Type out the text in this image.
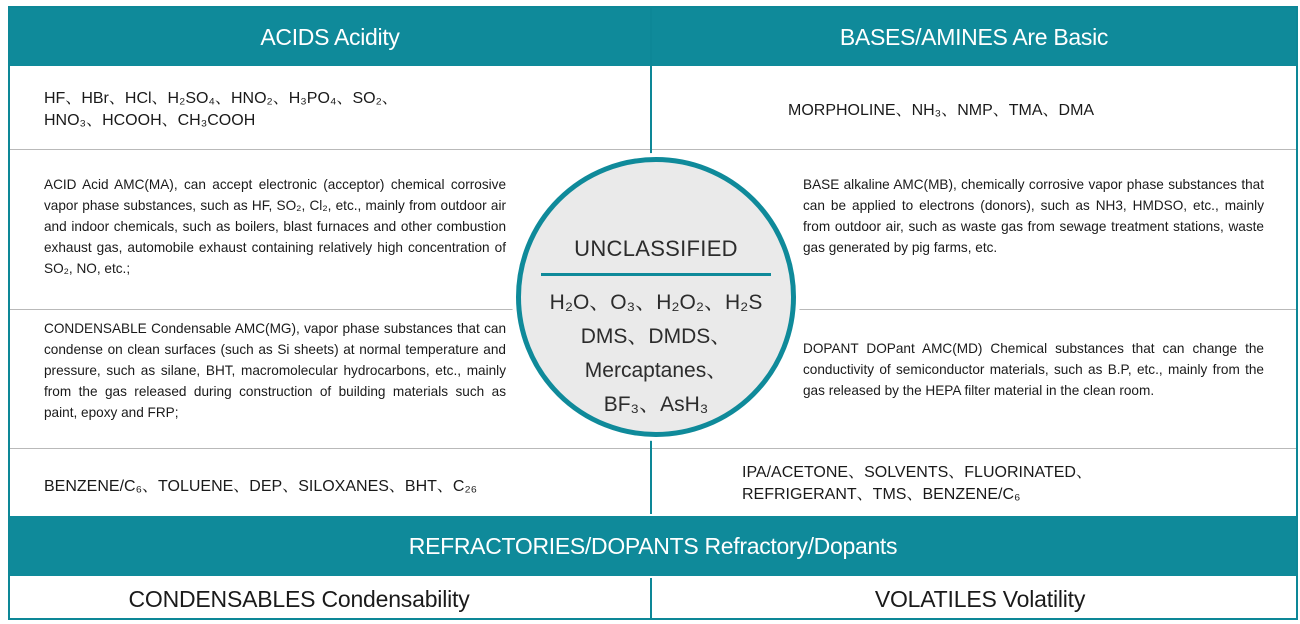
ACIDS Acidity	BASES/AMINES Are Basic
HF、HBr、HCl、H₂SO₄、HNO₂、H₃PO₄、SO₂、
HNO₃、HCOOH、CH₃COOH
ACID Acid AMC(MA), can accept electronic (acceptor) chemical corrosive vapor phase substances, such as HF, SO₂, Cl₂, etc., mainly from outdoor air and indoor chemicals, such as boilers, blast furnaces and other combustion exhaust gas, automobile exhaust containing relatively high concentration of SO₂, NO, etc.;
CONDENSABLE Condensable AMC(MG), vapor phase substances that can condense on clean surfaces (such as Si sheets) at normal temperature and pressure, such as silane, BHT, macromolecular hydrocarbons, etc., mainly from the gas released during construction of building materials such as paint, epoxy and FRP;
BENZENE/C₆、TOLUENE、DEP、SILOXANES、BHT、C₂₆
MORPHOLINE、NH₃、NMP、TMA、DMA
BASE alkaline AMC(MB), chemically corrosive vapor phase substances that can be applied to electrons (donors), such as NH3, HMDSO, etc., mainly from outdoor air, such as waste gas from sewage treatment stations, waste gas generated by pig farms, etc.
DOPANT DOPant AMC(MD) Chemical substances that can change the conductivity of semiconductor materials, such as B.P, etc., mainly from the gas released by the HEPA filter material in the clean room.
IPA/ACETONE、SOLVENTS、FLUORINATED、
REFRIGERANT、TMS、BENZENE/C₆
UNCLASSIFIED
H₂O、O₃、H₂O₂、H₂S
DMS、DMDS、
Mercaptanes、
BF₃、AsH₃
REFRACTORIES/DOPANTS Refractory/Dopants
CONDENSABLES Condensability	VOLATILES Volatility
